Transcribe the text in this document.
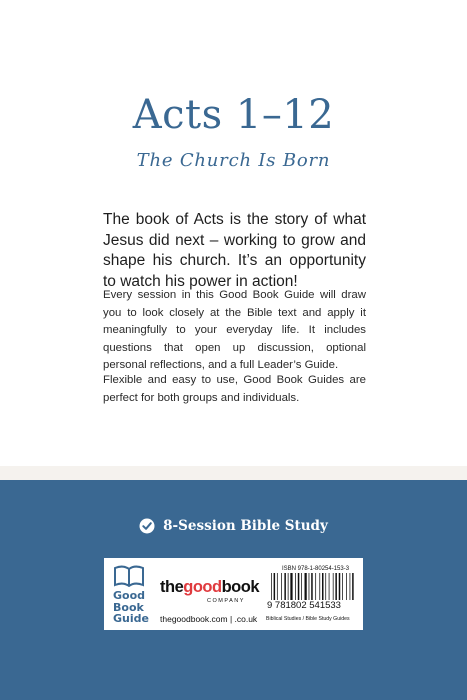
Acts 1–12
The Church Is Born
The book of Acts is the story of what Jesus did next – working to grow and shape his church. It’s an opportunity to watch his power in action!
Every session in this Good Book Guide will draw you to look closely at the Bible text and apply it meaningfully to your everyday life. It includes questions that open up discussion, optional personal reflections, and a full Leader’s Guide.
Flexible and easy to use, Good Book Guides are perfect for both groups and individuals.
8-Session Bible Study
Good
Book
Guide
thegoodbook
COMPANY
thegoodbook.com | .co.uk
ISBN 978-1-80254-153-3
9 781802 541533
Biblical Studies / Bible Study Guides
